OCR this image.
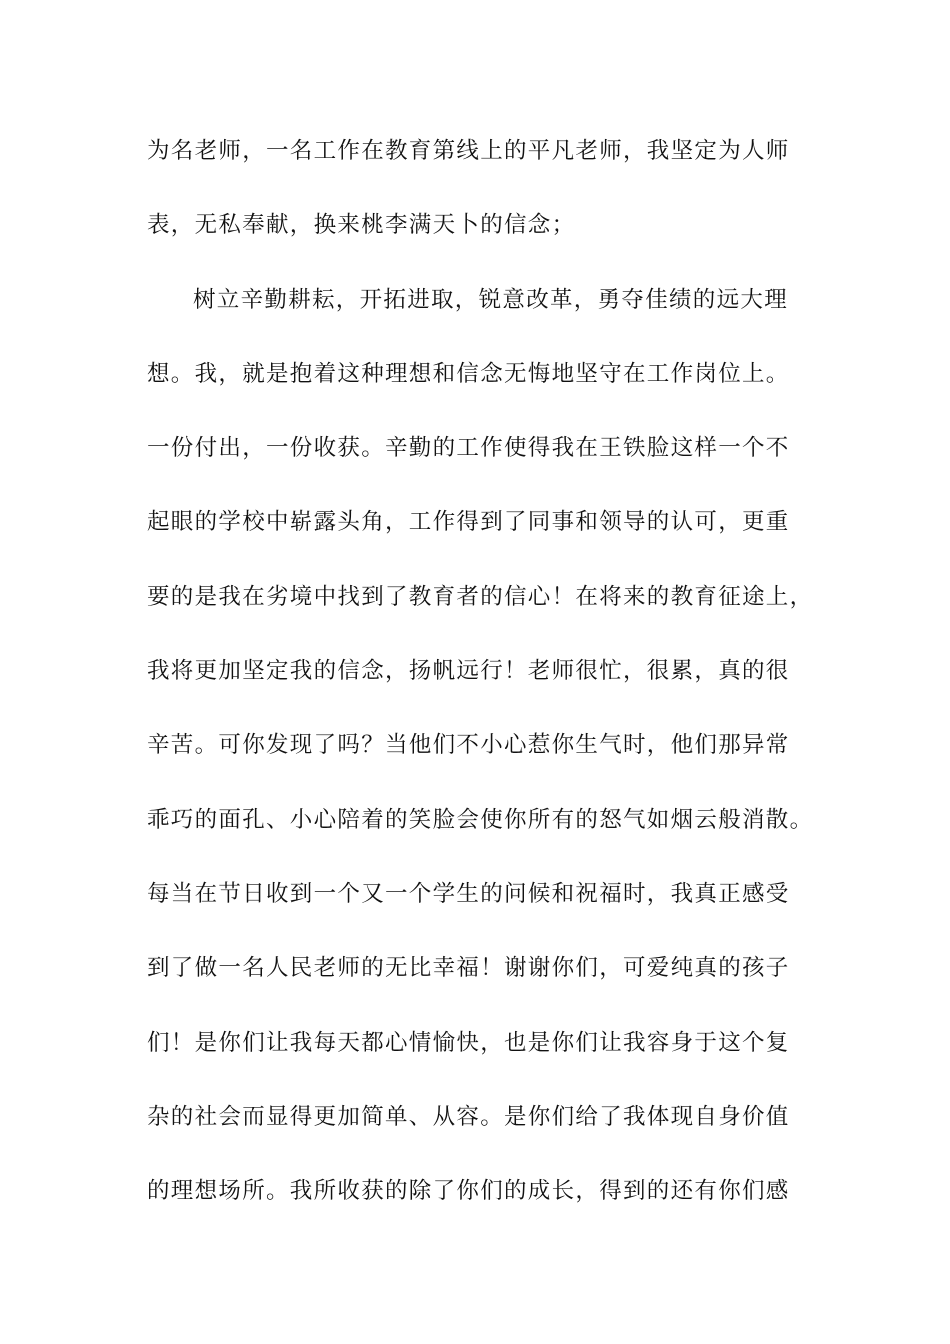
为名老师，一名工作在教育第线上的平凡老师，我坚定为人师
表，无私奉献，换来桃李满天卜的信念；
树立辛勤耕耘，开拓进取，锐意改革，勇夺佳绩的远大理
想。我，就是抱着这种理想和信念无悔地坚守在工作岗位上。
一份付出，一份收获。辛勤的工作使得我在王铁脸这样一个不
起眼的学校中崭露头角，工作得到了同事和领导的认可，更重
要的是我在劣境中找到了教育者的信心！在将来的教育征途上，
我将更加坚定我的信念，扬帆远行！老师很忙，很累，真的很
辛苦。可你发现了吗？当他们不小心惹你生气时，他们那异常
乖巧的面孔、小心陪着的笑脸会使你所有的怒气如烟云般消散。
每当在节日收到一个又一个学生的问候和祝福时，我真正感受
到了做一名人民老师的无比幸福！谢谢你们，可爱纯真的孩子
们！是你们让我每天都心情愉快，也是你们让我容身于这个复
杂的社会而显得更加简单、从容。是你们给了我体现自身价值
的理想场所。我所收获的除了你们的成长，得到的还有你们感
